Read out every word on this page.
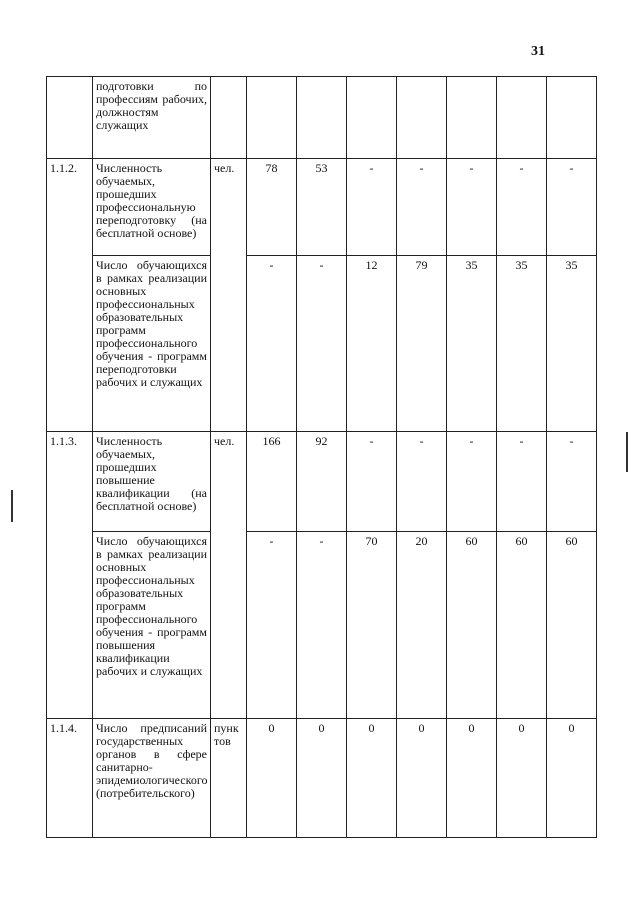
31
	подготовки по профессиям рабочих, должностям служащих								
1.1.2.	Численность обучаемых, прошедших профессиональную переподготовку (на бесплатной основе)	чел.	78	53	-	-	-	-	-
	Число обучающихся в рамках реализации основных профессиональных образовательных программ профессионального обучения - программ переподготовки рабочих и служащих		-	-	12	79	35	35	35
1.1.3.	Численность обучаемых, прошедших повышение квалификации (на бесплатной основе)	чел.	166	92	-	-	-	-	-
	Число обучающихся в рамках реализации основных профессиональных образовательных программ профессионального обучения - программ повышения квалификации рабочих и служащих		-	-	70	20	60	60	60
1.1.4.	Число предписаний государственных органов в сфере санитарно-эпидемиологического (потребительского)	пунктов	0	0	0	0	0	0	0
